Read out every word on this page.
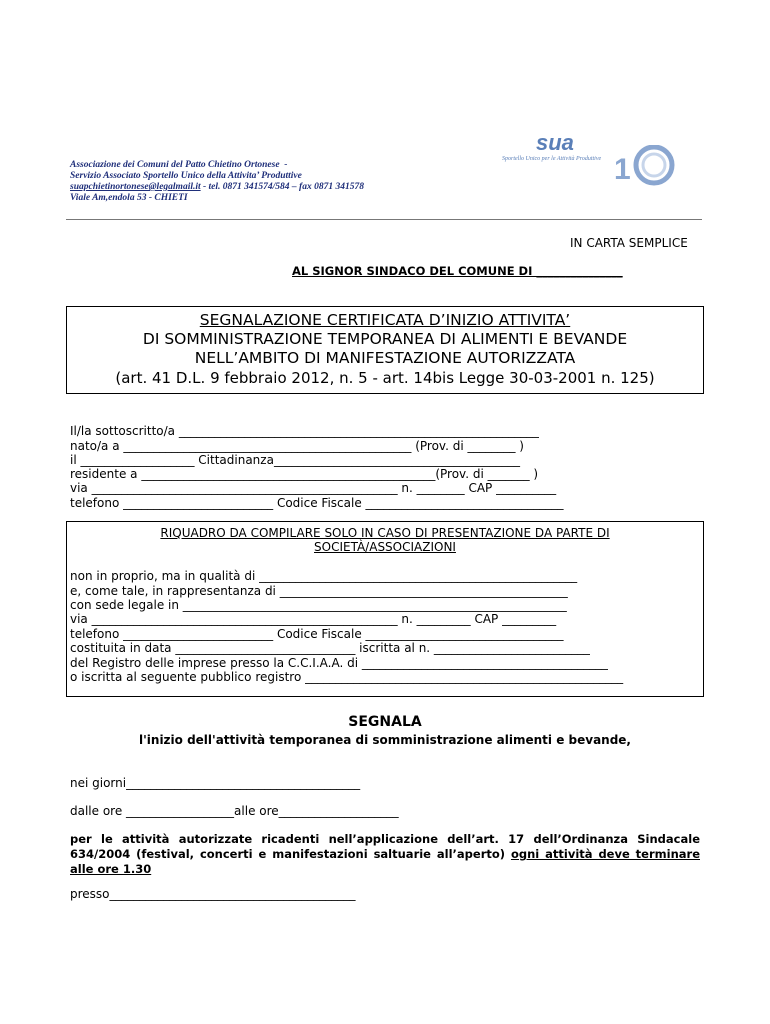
Associazione dei Comuni del Patto Chietino Ortonese  -
Servizio Associato Sportello Unico della Attivita’ Produttive
suapchietinortonese@legalmail.it - tel. 0871 341574/584 – fax 0871 341578
Viale Am,endola 53 - CHIETI

1

sua

Sportello Unico per le Attività Produttive

IN CARTA SEMPLICE
AL SIGNOR SINDACO DEL COMUNE DI _______________
SEGNALAZIONE CERTIFICATA D’INIZIO ATTIVITA’
DI SOMMINISTRAZIONE TEMPORANEA DI ALIMENTI E BEVANDE
NELL’AMBITO DI MANIFESTAZIONE AUTORIZZATA
(art. 41 D.L. 9 febbraio 2012, n. 5 - art. 14bis Legge 30-03-2001 n. 125)
Il/la sottoscritto/a ____________________________________________________________
nato/a a ________________________________________________ (Prov. di ________ )
il ___________________ Cittadinanza_________________________________________
residente a _________________________________________________(Prov. di _______ )
via ___________________________________________________ n. ________ CAP __________
telefono _________________________ Codice Fiscale _________________________________
RIQUADRO DA COMPILARE SOLO IN CASO DI PRESENTAZIONE DA PARTE DI
SOCIETÀ/ASSOCIAZIONI
non in proprio, ma in qualità di _____________________________________________________
e, come tale, in rappresentanza di ________________________________________________
con sede legale in ________________________________________________________________
via ___________________________________________________ n. _________ CAP _________
telefono _________________________ Codice Fiscale _________________________________
costituita in data ______________________________ iscritta al n. __________________________
del Registro delle imprese presso la C.C.I.A.A. di _________________________________________
o iscritta al seguente pubblico registro _____________________________________________________
SEGNALA
l'inizio dell'attività temporanea di somministrazione alimenti e bevande,
nei giorni_______________________________________
dalle ore __________________alle ore____________________
per le attività autorizzate ricadenti nell’applicazione dell’art. 17 dell’Ordinanza Sindacale 634/2004 (festival, concerti e manifestazioni saltuarie all’aperto) ogni attività deve terminare alle ore 1.30
presso_________________________________________
